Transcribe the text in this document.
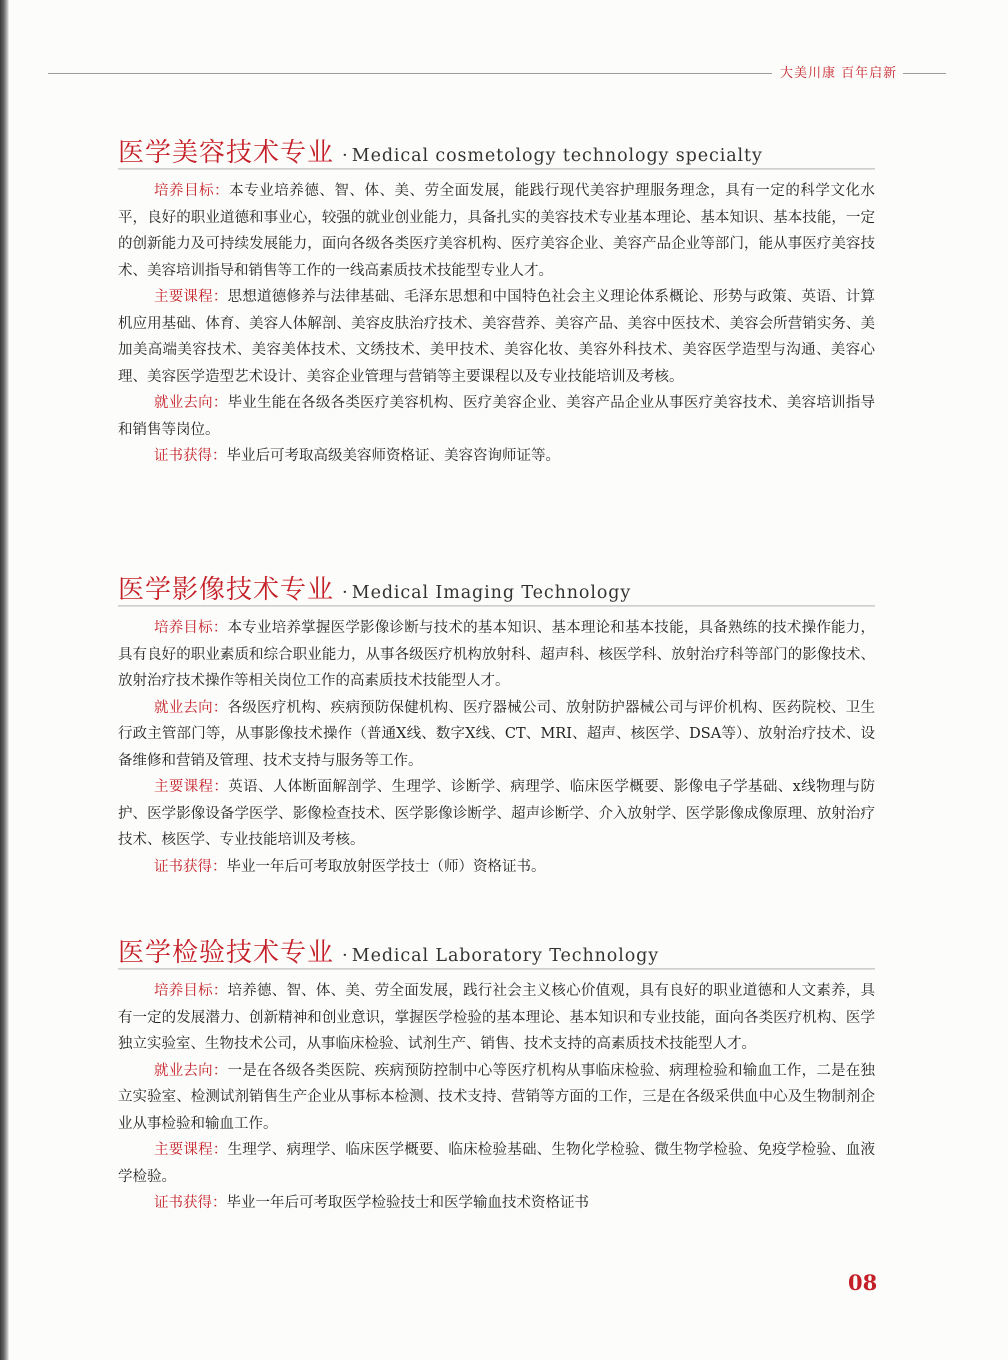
大美川康 百年启新
医学美容技术专业 · Medical cosmetology technology specialty

培养目标：本专业培养德、智、体、美、劳全面发展，能践行现代美容护理服务理念，具有一定的科学文化水平，良好的职业道德和事业心，较强的就业创业能力，具备扎实的美容技术专业基本理论、基本知识、基本技能，一定的创新能力及可持续发展能力，面向各级各类医疗美容机构、医疗美容企业、美容产品企业等部门，能从事医疗美容技术、美容培训指导和销售等工作的一线高素质技术技能型专业人才。

主要课程：思想道德修养与法律基础、毛泽东思想和中国特色社会主义理论体系概论、形势与政策、英语、计算机应用基础、体育、美容人体解剖、美容皮肤治疗技术、美容营养、美容产品、美容中医技术、美容会所营销实务、美加美高端美容技术、美容美体技术、文绣技术、美甲技术、美容化妆、美容外科技术、美容医学造型与沟通、美容心理、美容医学造型艺术设计、美容企业管理与营销等主要课程以及专业技能培训及考核。

就业去向：毕业生能在各级各类医疗美容机构、医疗美容企业、美容产品企业从事医疗美容技术、美容培训指导和销售等岗位。

证书获得：毕业后可考取高级美容师资格证、美容咨询师证等。

医学影像技术专业 · Medical Imaging Technology

培养目标：本专业培养掌握医学影像诊断与技术的基本知识、基本理论和基本技能，具备熟练的技术操作能力，具有良好的职业素质和综合职业能力，从事各级医疗机构放射科、超声科、核医学科、放射治疗科等部门的影像技术、放射治疗技术操作等相关岗位工作的高素质技术技能型人才。

就业去向：各级医疗机构、疾病预防保健机构、医疗器械公司、放射防护器械公司与评价机构、医药院校、卫生行政主管部门等，从事影像技术操作（普通X线、数字X线、CT、MRI、超声、核医学、DSA等）、放射治疗技术、设备维修和营销及管理、技术支持与服务等工作。

主要课程：英语、人体断面解剖学、生理学、诊断学、病理学、临床医学概要、影像电子学基础、x线物理与防护、医学影像设备学医学、影像检查技术、医学影像诊断学、超声诊断学、介入放射学、医学影像成像原理、放射治疗技术、核医学、专业技能培训及考核。

证书获得：毕业一年后可考取放射医学技士（师）资格证书。

医学检验技术专业 · Medical Laboratory Technology

培养目标：培养德、智、体、美、劳全面发展，践行社会主义核心价值观，具有良好的职业道德和人文素养，具有一定的发展潜力、创新精神和创业意识，掌握医学检验的基本理论、基本知识和专业技能，面向各类医疗机构、医学独立实验室、生物技术公司，从事临床检验、试剂生产、销售、技术支持的高素质技术技能型人才。

就业去向：一是在各级各类医院、疾病预防控制中心等医疗机构从事临床检验、病理检验和输血工作，二是在独立实验室、检测试剂销售生产企业从事标本检测、技术支持、营销等方面的工作，三是在各级采供血中心及生物制剂企业从事检验和输血工作。

主要课程：生理学、病理学、临床医学概要、临床检验基础、生物化学检验、微生物学检验、免疫学检验、血液学检验。

证书获得：毕业一年后可考取医学检验技士和医学输血技术资格证书

08
